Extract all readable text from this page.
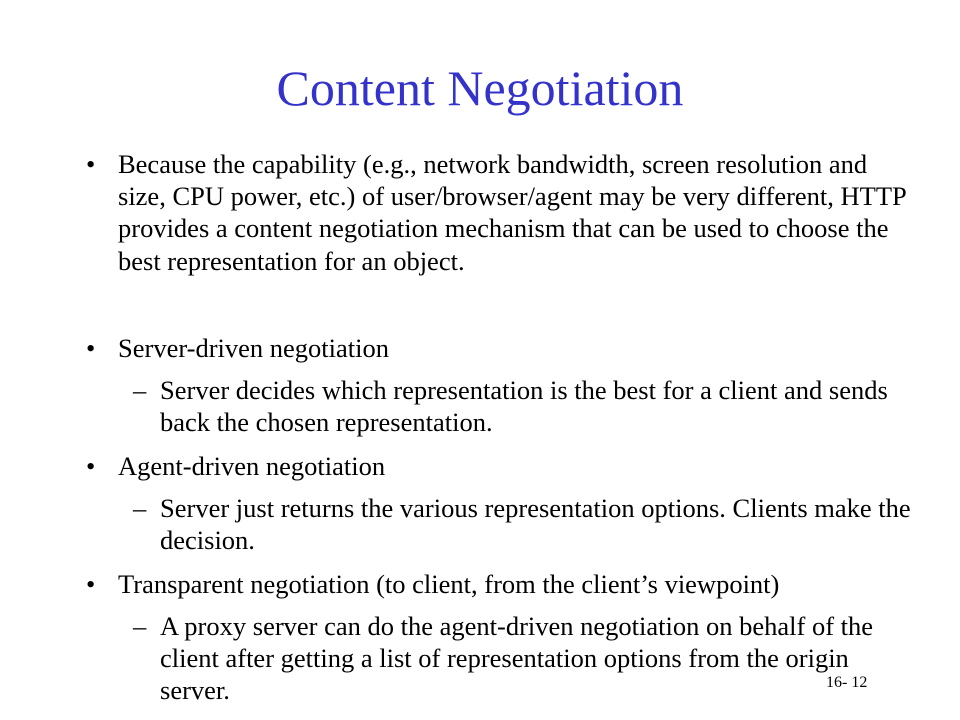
Content Negotiation
• Because the capability (e.g., network bandwidth, screen resolution and size, CPU power, etc.) of user/browser/agent may be very different, HTTP provides a content negotiation mechanism that can be used to choose the best representation for an object.
• Server-driven negotiation
– Server decides which representation is the best for a client and sends back the chosen representation.
• Agent-driven negotiation
– Server just returns the various representation options. Clients make the decision.
• Transparent negotiation (to client, from the client’s viewpoint)
– A proxy server can do the agent-driven negotiation on behalf of the client after getting a list of representation options from the origin server.	16- 12
